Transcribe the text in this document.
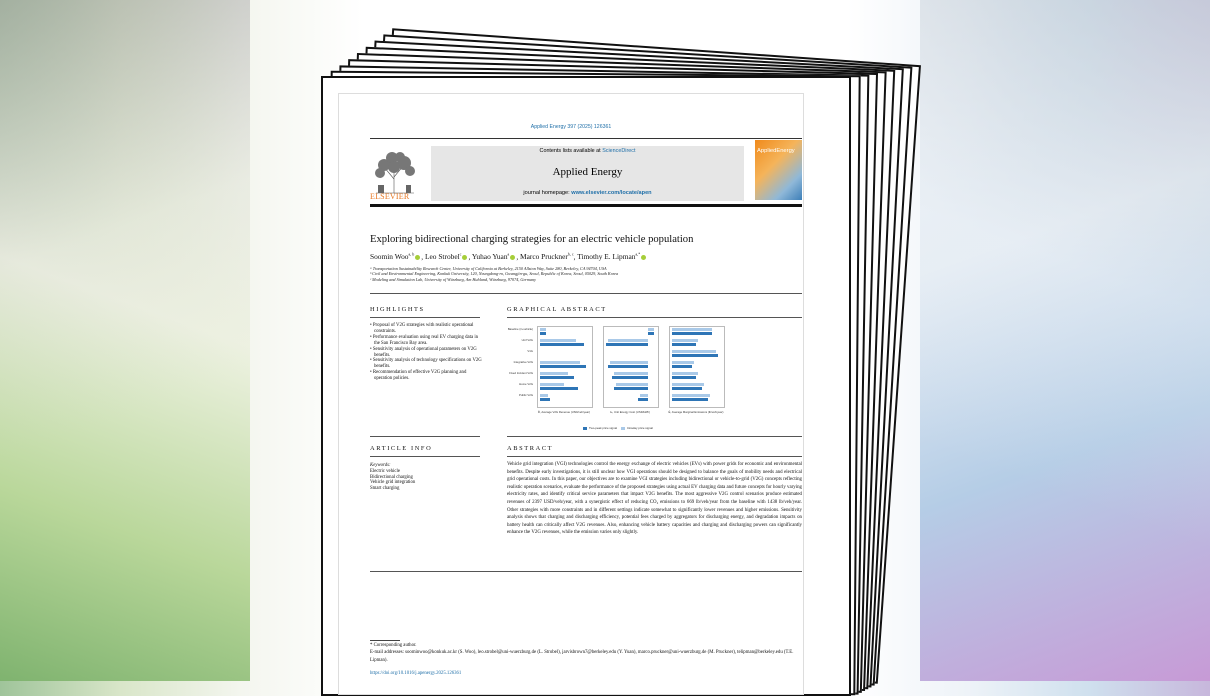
Applied Energy 397 (2025) 126361
ELSEVIER
Contents lists available at ScienceDirect
Applied Energy
journal homepage: www.elsevier.com/locate/apen
AppliedEnergy
Exploring bidirectional charging strategies for an electric vehicle population
Soomin Woo$^{a, b}$ , Leo Strobel$^c$ , Yuhao Yuan$^a$ , Marco Pruckner$^{b, c}$, Timothy E. Lipman$^{a,*}$
ᵃ Transportation Sustainability Research Center, University of California at Berkeley, 2150 Allston Way, Suite 280, Berkeley, CA 94704, USA
ᵇ Civil and Environmental Engineering, Konkuk University, 120, Neungdong-ro, Gwangjin-gu, Seoul, Republic of Korea, Seoul, 05029, South Korea
ᶜ Modeling and Simulation Lab, University of Würzburg, Am Hubland, Würzburg, 97074, Germany
HIGHLIGHTS
• Proposal of V2G strategies with realistic operational constraints.
• Performance evaluation using real EV charging data in the San Francisco Bay area.
• Sensitivity analysis of operational parameters on V2G benefits.
• Sensitivity analysis of technology specifications on V2G benefits.
• Recommendation of effective V2G planning and operation policies.
GRAPHICAL ABSTRACT
Baseline (in-vehicle)
Unif V2G
V1G
Integrative V2G
Fixed Incident V2G
Home V2G
Public V2G
R̄, Average V2G Revenue (USD/veh/year)	c̄ₑ, Unit Energy Cost (USD/kWh)	Ē, Average Marginal Emissions (lb/veh/year)
Two-peak price signal	Intraday price signal
ARTICLE INFO
Keywords:
Electric vehicle
Bidirectional charging
Vehicle grid integration
Smart charging
ABSTRACT
Vehicle grid integration (VGI) technologies control the energy exchange of electric vehicles (EVs) with power grids for economic and environmental benefits. Despite early investigations, it is still unclear how VGI operations should be designed to balance the goals of mobility needs and electrical grid operational costs. In this paper, our objectives are to examine VGI strategies including bidirectional or vehicle-to-grid (V2G) concepts reflecting realistic operation scenarios, evaluate the performance of the proposed strategies using actual EV charging data and future concepts for hourly varying electricity rates, and identify critical service parameters that impact V2G benefits. The most aggressive V2G control scenarios produce estimated revenues of 2397 USD/veh/year, with a synergistic effect of reducing CO₂ emissions to 669 lb/veh/year from the baseline with 1438 lb/veh/year. Other strategies with more constraints and in different settings indicate somewhat to significantly lower revenues and higher emissions. Sensitivity analysis shows that charging and discharging efficiency, potential fees charged by aggregators for discharging energy, and degradation impacts on battery health can critically affect V2G revenues. Also, enhancing vehicle battery capacities and charging and discharging powers can significantly enhance the V2G revenues, while the emission varies only slightly.
* Corresponding author.
E-mail addresses: soominwoo@konkuk.ac.kr (S. Woo), leo.strobel@uni-wuerzburg.de (L. Strobel), jarvisbrown7@berkeley.edu (Y. Yuan), marco.pruckner@uni-wuerzburg.de (M. Pruckner), telipman@berkeley.edu (T.E. Lipman).
https://doi.org/10.1016/j.apenergy.2025.126361
